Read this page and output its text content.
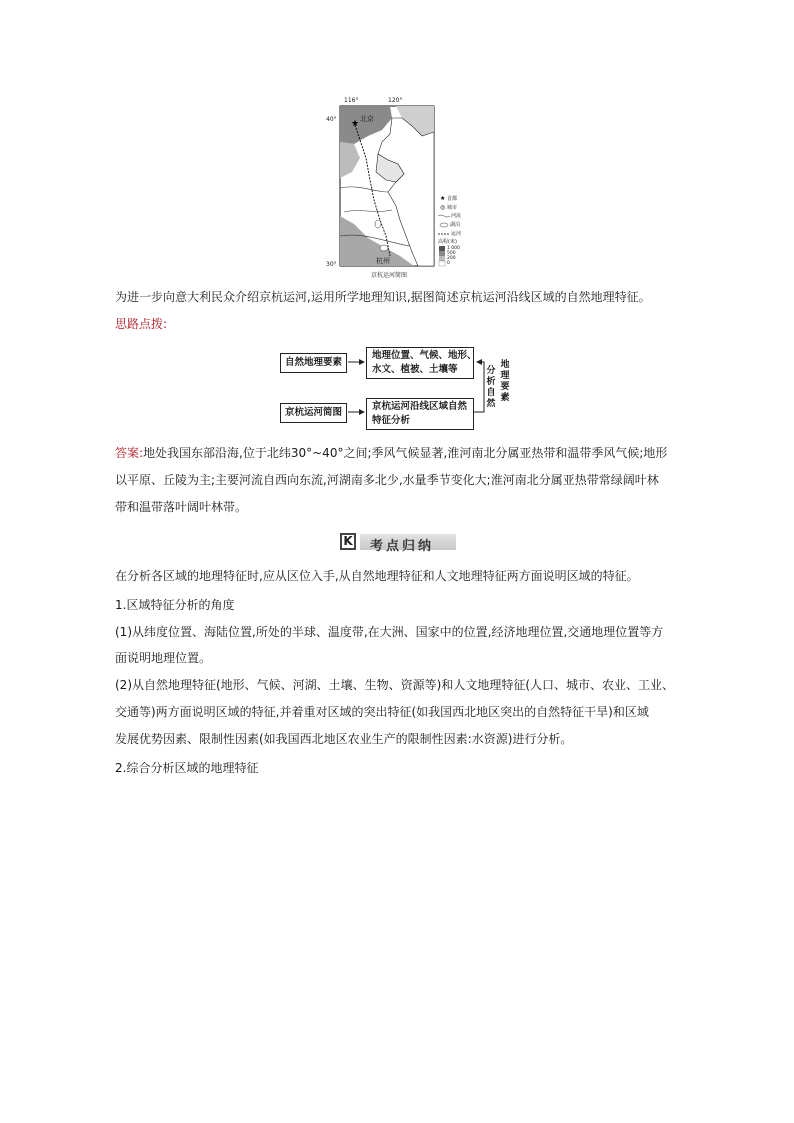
★
★
◎
116°	120°
40°
30°
北京
杭州
首都
城市
河流
湖泊
运河
高程(米)
1 000
500
200
0
京杭运河简图

为进一步向意大利民众介绍京杭运河,运用所学地理知识,据图简述京杭运河沿线区域的自然地理特征。

思路点拨:

自然地理要素
地理位置、气候、地形、
水文、植被、土壤等
京杭运河简图
京杭运河沿线区域自然
特征分析
分析自然
地理要素

答案:地处我国东部沿海,位于北纬30°~40°之间;季风气候显著,淮河南北分属亚热带和温带季风气候;地形

以平原、丘陵为主;主要河流自西向东流,河湖南多北少,水量季节变化大;淮河南北分属亚热带常绿阔叶林

带和温带落叶阔叶林带。

K 考点归纳

在分析各区域的地理特征时,应从区位入手,从自然地理特征和人文地理特征两方面说明区域的特征。

1.区域特征分析的角度

(1)从纬度位置、海陆位置,所处的半球、温度带,在大洲、国家中的位置,经济地理位置,交通地理位置等方

面说明地理位置。

(2)从自然地理特征(地形、气候、河湖、土壤、生物、资源等)和人文地理特征(人口、城市、农业、工业、

交通等)两方面说明区域的特征,并着重对区域的突出特征(如我国西北地区突出的自然特征干旱)和区域

发展优势因素、限制性因素(如我国西北地区农业生产的限制性因素:水资源)进行分析。

2.综合分析区域的地理特征
